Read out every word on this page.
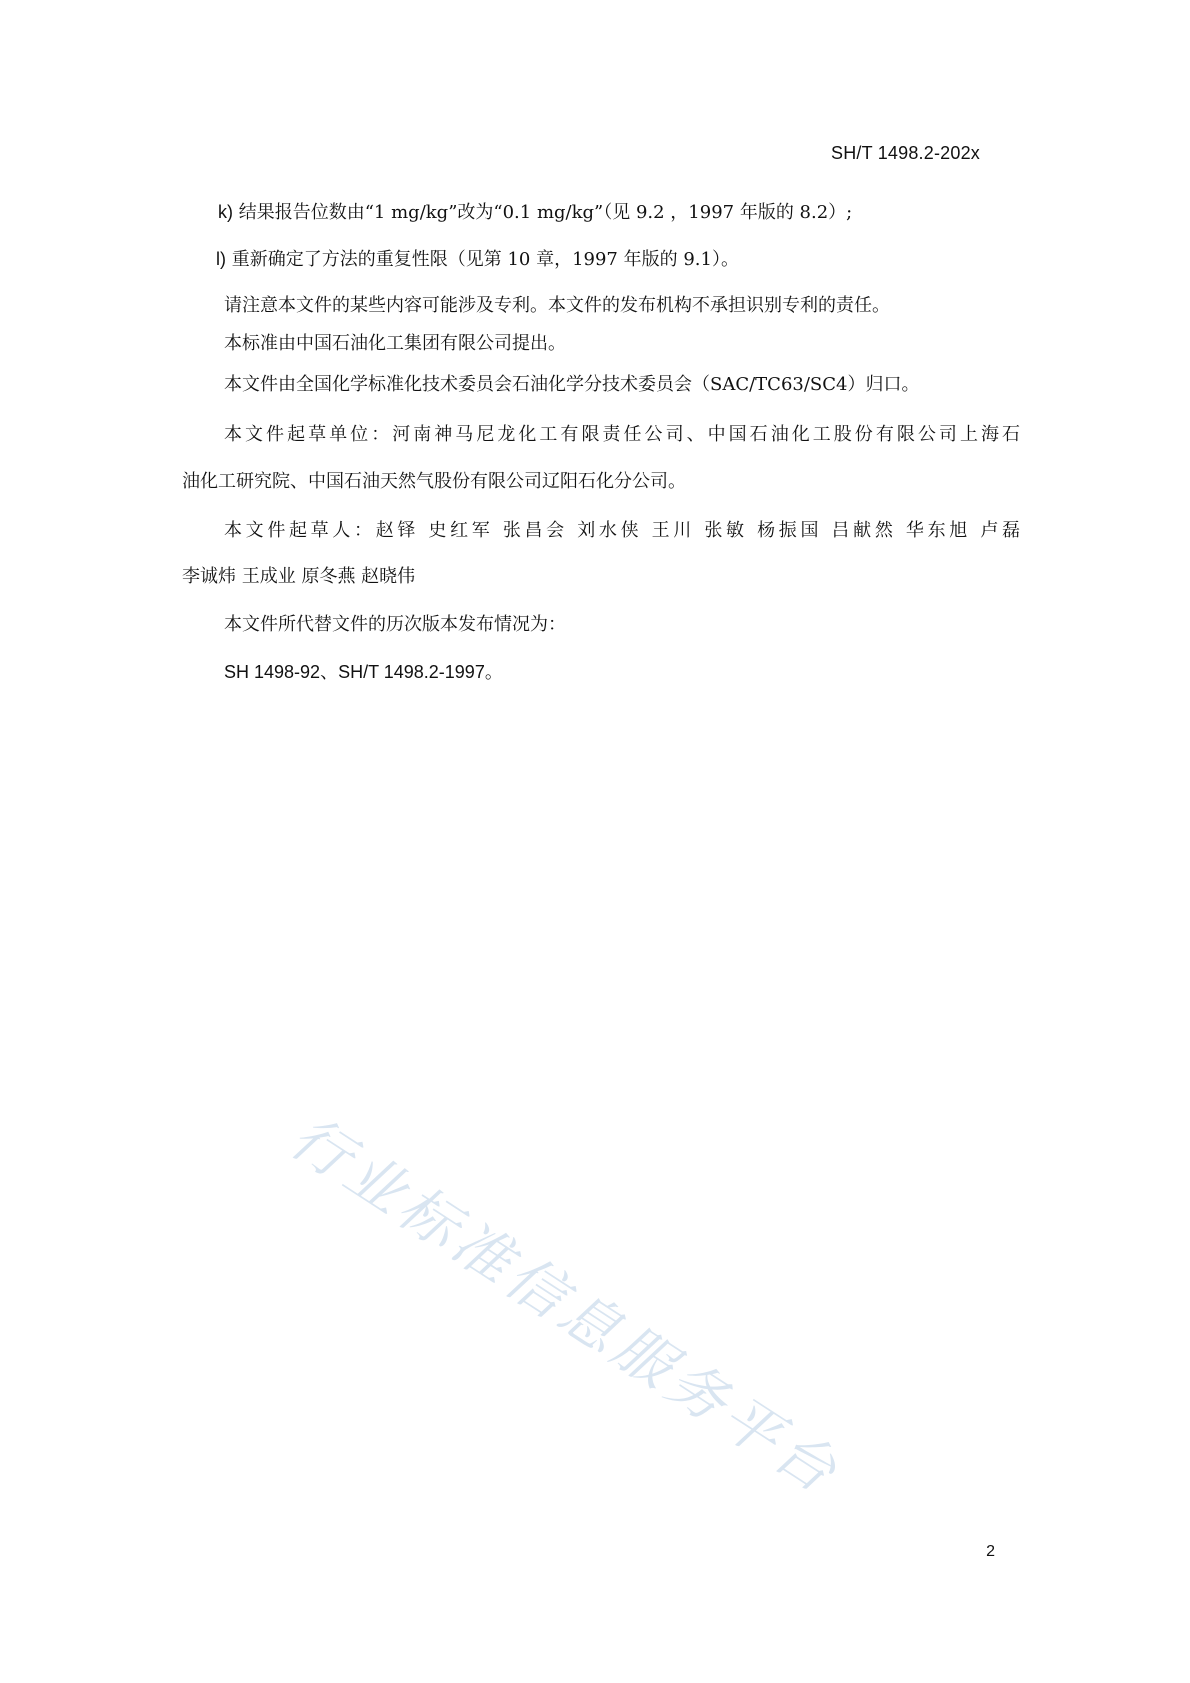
SH/T 1498.2-202x
k) 结果报告位数由“1 mg/kg”改为“0.1 mg/kg”（见 9.2 ，1997 年版的 8.2）;
l) 重新确定了方法的重复性限（见第 10 章，1997 年版的 9.1）。
请注意本文件的某些内容可能涉及专利。本文件的发布机构不承担识别专利的责任。
本标准由中国石油化工集团有限公司提出。
本文件由全国化学标准化技术委员会石油化学分技术委员会（SAC/TC63/SC4）归口。
本文件起草单位：河南神马尼龙化工有限责任公司、中国石油化工股份有限公司上海石
油化工研究院、中国石油天然气股份有限公司辽阳石化分公司。
本文件起草人：赵铎 史红军 张昌会 刘水侠 王川 张敏 杨振国 吕献然 华东旭 卢磊
李诚炜 王成业 原冬燕 赵晓伟
本文件所代替文件的历次版本发布情况为：
SH 1498-92、SH/T 1498.2-1997。
行业标准信息服务平台
2
